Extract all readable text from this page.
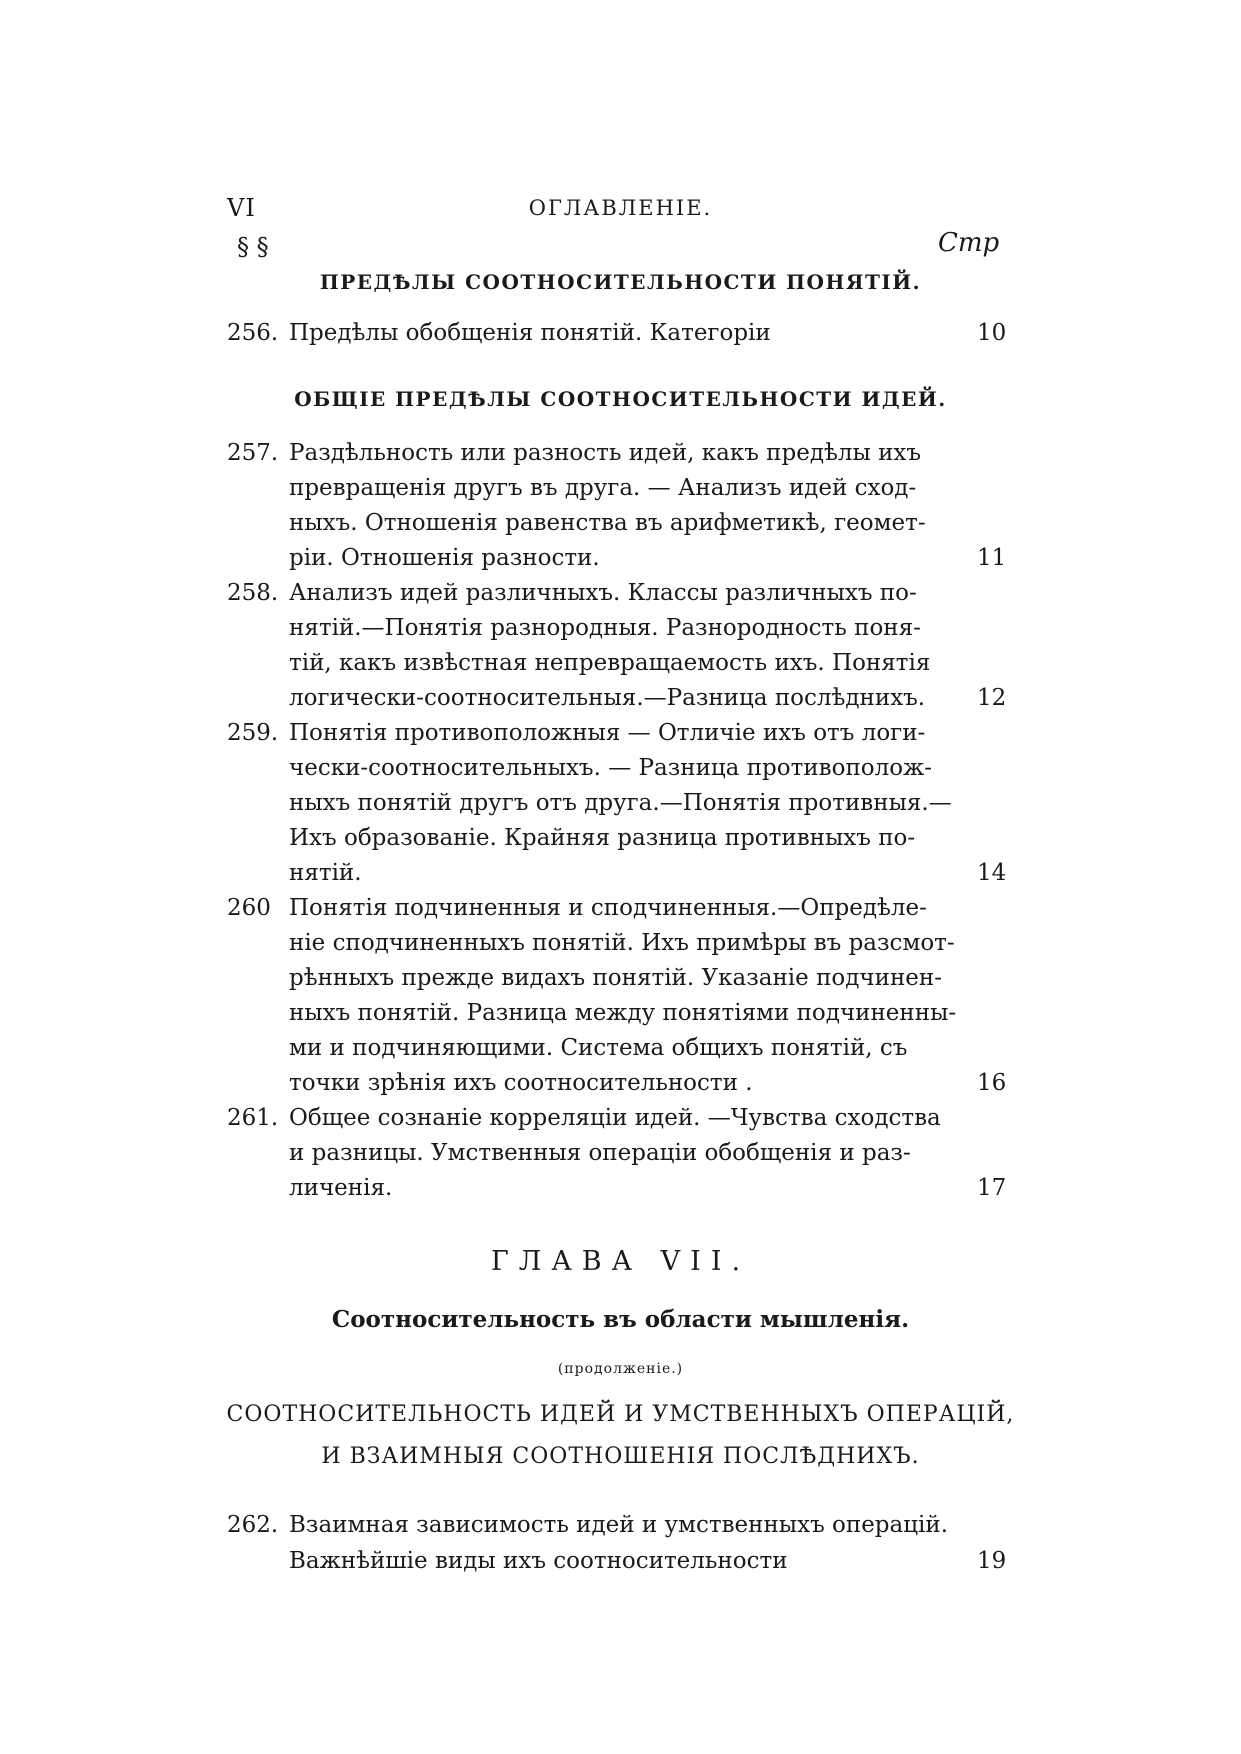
VI	ОГЛАВЛЕНІЕ.
§ §	Стр
ПРЕДѢЛЫ СООТНОСИТЕЛЬНОСТИ ПОНЯТІЙ.
256. Предѣлы обобщенія понятій. Категоріи	10
ОБЩІЕ ПРЕДѢЛЫ СООТНОСИТЕЛЬНОСТИ ИДЕЙ.
257. Раздѣльность или разность идей, какъ предѣлы ихъ
превращенія другъ въ друга. — Анализъ идей сход-
ныхъ. Отношенія равенства въ арифметикѣ, геомет-
ріи. Отношенія разности.	11
258. Анализъ идей различныхъ. Классы различныхъ по-
нятій.—Понятія разнородныя. Разнородность поня-
тій, какъ извѣстная непревращаемость ихъ. Понятія
логически-соотносительныя.—Разница послѣднихъ. 12
259. Понятія противоположныя — Отличіе ихъ отъ логи-
чески-соотносительныхъ. — Разница противополож-
ныхъ понятій другъ отъ друга.—Понятія противныя.—
Ихъ образованіе. Крайняя разница противныхъ по-
нятій.	14
260 Понятія подчиненныя и сподчиненныя.—Опредѣле-
ніе сподчиненныхъ понятій. Ихъ примѣры въ разсмот-
рѣнныхъ прежде видахъ понятій. Указаніе подчинен-
ныхъ понятій. Разница между понятіями подчиненны-
ми и подчиняющими. Система общихъ понятій, съ
точки зрѣнія ихъ соотносительности .	16
261. Общее сознаніе корреляціи идей. —Чувства сходства
и разницы. Умственныя операціи обобщенія и раз-
личенія.	17
ГЛАВА VII.
Соотносительность въ области мышленія.
(продолженіе.)
СООТНОСИТЕЛЬНОСТЬ ИДЕЙ И УМСТВЕННЫХЪ ОПЕРАЦІЙ,
И ВЗАИМНЫЯ СООТНОШЕНІЯ ПОСЛѢДНИХЪ.
262. Взаимная зависимость идей и умственныхъ операцій.
Важнѣйшіе виды ихъ соотносительности	19
